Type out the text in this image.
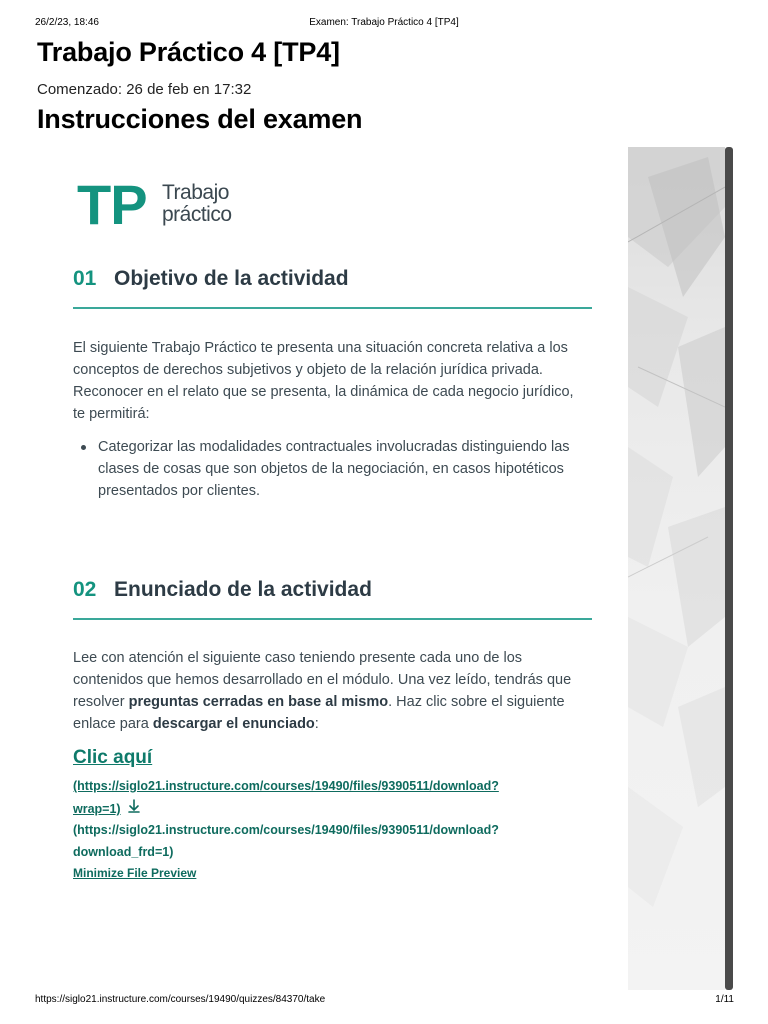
26/2/23, 18:46	Examen: Trabajo Práctico 4 [TP4]
Trabajo Práctico 4 [TP4]
Comenzado: 26 de feb en 17:32
Instrucciones del examen
TP Trabajo
práctico
01 Objetivo de la actividad

El siguiente Trabajo Práctico te presenta una situación concreta relativa a los conceptos de derechos subjetivos y objeto de la relación jurídica privada. Reconocer en el relato que se presenta, la dinámica de cada negocio jurídico, te permitirá:

Categorizar las modalidades contractuales involucradas distinguiendo las clases de cosas que son objetos de la negociación, en casos hipotéticos presentados por clientes.
02 Enunciado de la actividad

Lee con atención el siguiente caso teniendo presente cada uno de los contenidos que hemos desarrollado en el módulo. Una vez leído, tendrás que resolver preguntas cerradas en base al mismo. Haz clic sobre el siguiente enlace para descargar el enunciado:

Clic aquí
(https://siglo21.instructure.com/courses/19490/files/9390511/download?
wrap=1)
(https://siglo21.instructure.com/courses/19490/files/9390511/download?
download_frd=1)
Minimize File Preview
https://siglo21.instructure.com/courses/19490/quizzes/84370/take	1/11
